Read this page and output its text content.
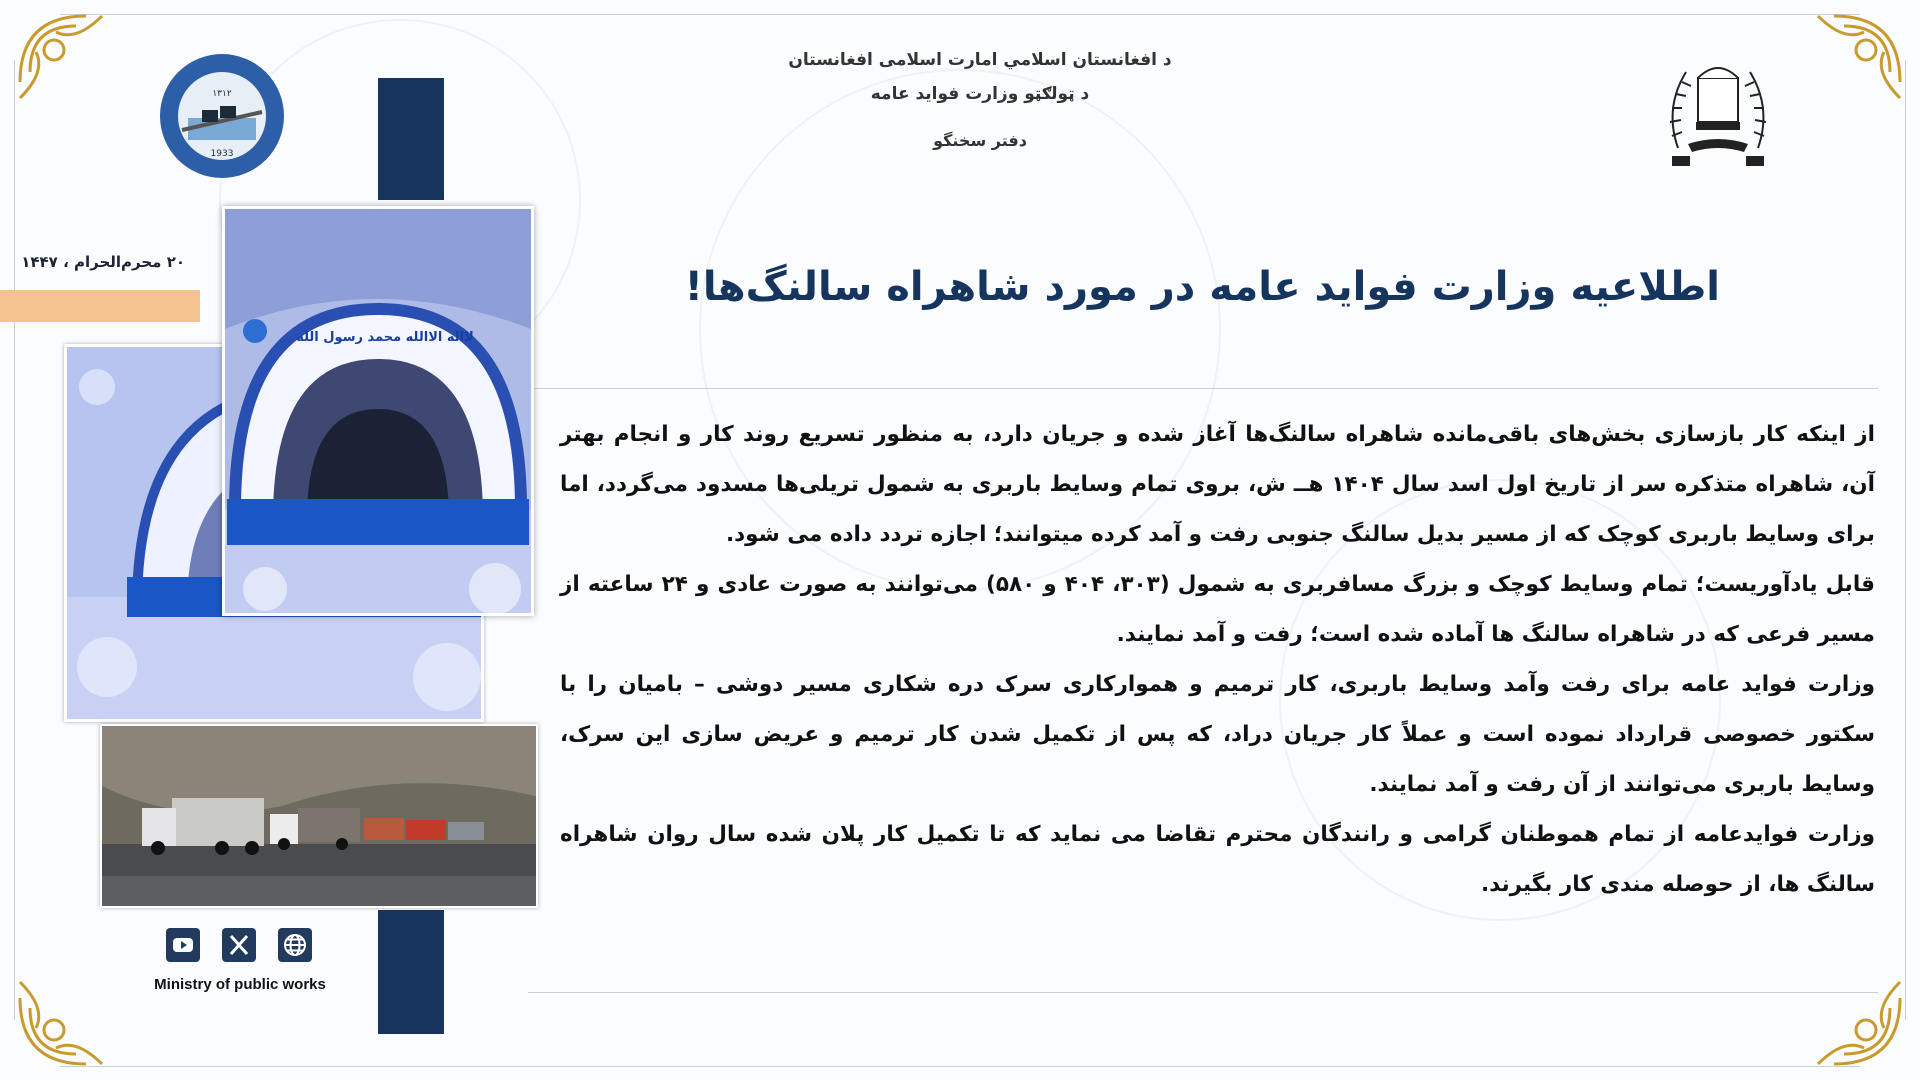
۱۳۱۲
1933
د افغانستان اسلامي امارت اسلامی افغانستان
د ټولګټو وزارت فواید عامه
دفتر سخنگو
۲۰ محرم‌الحرام ، ۱۴۴۷
اطلاعیه وزارت فواید عامه در مورد شاهراه سالنگ‌ها!
لااله الاالله محمد رسول الله

از اینکه کار بازسازی بخش‌های باقی‌مانده شاهراه سالنگ‌ها آغاز شده و جریان دارد، به منظور تسریع روند کار و انجام بهتر آن، شاهراه متذکره سر از تاریخ اول اسد سال ۱۴۰۴ هــ ش، بروی تمام وسایط باربری به شمول تریلی‌ها مسدود می‌گردد، اما برای وسایط باربری کوچک که از مسیر بدیل سالنگ جنوبی رفت و آمد کرده میتوانند؛ اجازه تردد داده می شود.

قابل یادآوریست؛ تمام وسایط کوچک و بزرگ مسافربری به شمول (۳۰۳، ۴۰۴ و ۵۸۰) می‌توانند به صورت عادی و ۲۴ ساعته از مسیر فرعی که در شاهراه سالنگ ها آماده شده است؛ رفت و آمد نمایند.

وزارت فواید عامه برای رفت وآمد وسایط باربری، کار ترمیم و هموارکاری سرک دره شکاری مسیر دوشی – بامیان را با سکتور خصوصی قرارداد نموده است و عملاً کار جریان دراد، که پس از تکمیل شدن کار ترمیم و عریض سازی این سرک، وسایط باربری می‌توانند از آن رفت و آمد نمایند.

وزارت فوایدعامه از تمام هموطنان گرامی و رانندگان محترم تقاضا می نماید که تا تکمیل کار پلان شده سال روان شاهراه سالنگ ها، از حوصله مندی کار بگیرند.

Ministry of public works
